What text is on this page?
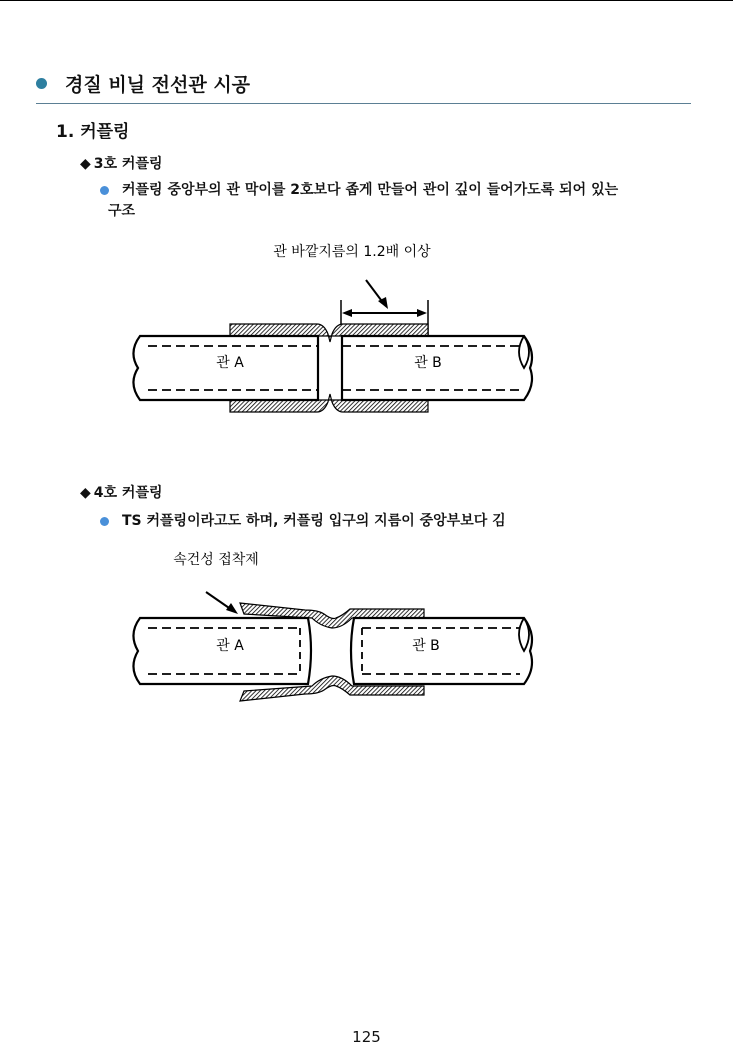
경질 비닐 전선관 시공
1. 커플링
◆ 3호 커플링
커플링 중앙부의 관 막이를 2호보다 좁게 만들어 관이 깊이 들어가도록 되어 있는
구조
관 바깥지름의 1.2배 이상
관 A	관 B
속건성 접착제
관 A	관 B
◆ 4호 커플링
TS 커플링이라고도 하며, 커플링 입구의 지름이 중앙부보다 김
125
